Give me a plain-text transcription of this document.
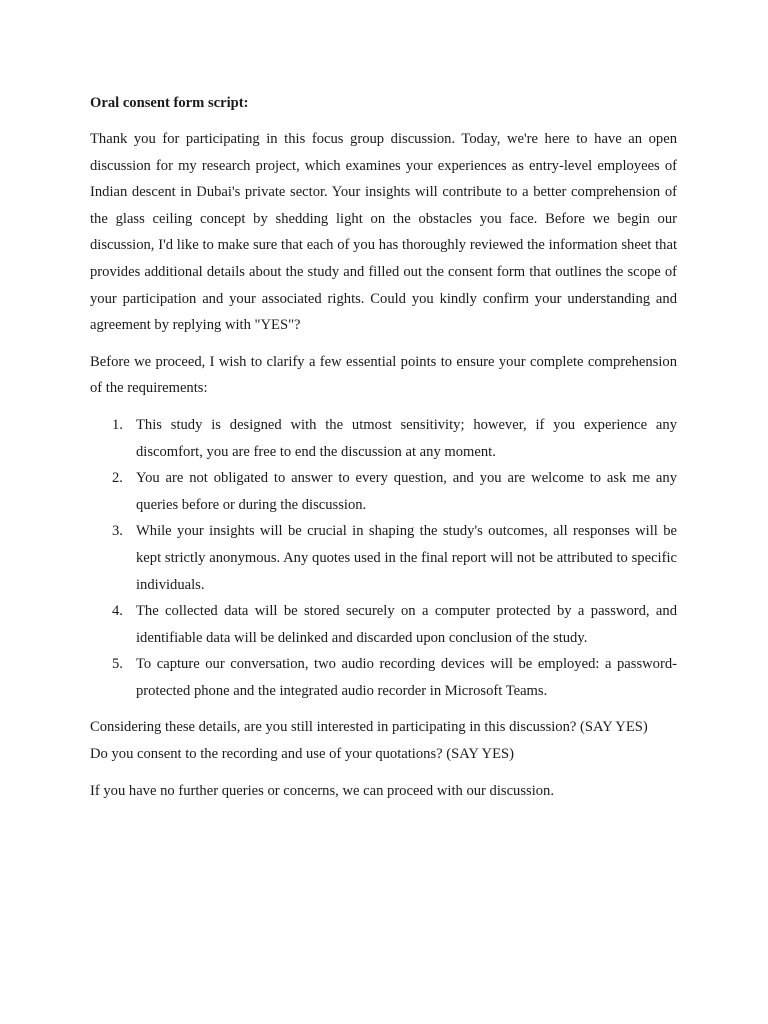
Oral consent form script:

Thank you for participating in this focus group discussion. Today, we're here to have an open discussion for my research project, which examines your experiences as entry-level employees of Indian descent in Dubai's private sector. Your insights will contribute to a better comprehension of the glass ceiling concept by shedding light on the obstacles you face. Before we begin our discussion, I'd like to make sure that each of you has thoroughly reviewed the information sheet that provides additional details about the study and filled out the consent form that outlines the scope of your participation and your associated rights. Could you kindly confirm your understanding and agreement by replying with "YES"?

Before we proceed, I wish to clarify a few essential points to ensure your complete comprehension of the requirements:

1. This study is designed with the utmost sensitivity; however, if you experience any discomfort, you are free to end the discussion at any moment.
2. You are not obligated to answer to every question, and you are welcome to ask me any queries before or during the discussion.
3. While your insights will be crucial in shaping the study's outcomes, all responses will be kept strictly anonymous. Any quotes used in the final report will not be attributed to specific individuals.
4. The collected data will be stored securely on a computer protected by a password, and identifiable data will be delinked and discarded upon conclusion of the study.
5. To capture our conversation, two audio recording devices will be employed: a password-protected phone and the integrated audio recorder in Microsoft Teams.
Considering these details, are you still interested in participating in this discussion? (SAY YES)
Do you consent to the recording and use of your quotations? (SAY YES)

If you have no further queries or concerns, we can proceed with our discussion.
